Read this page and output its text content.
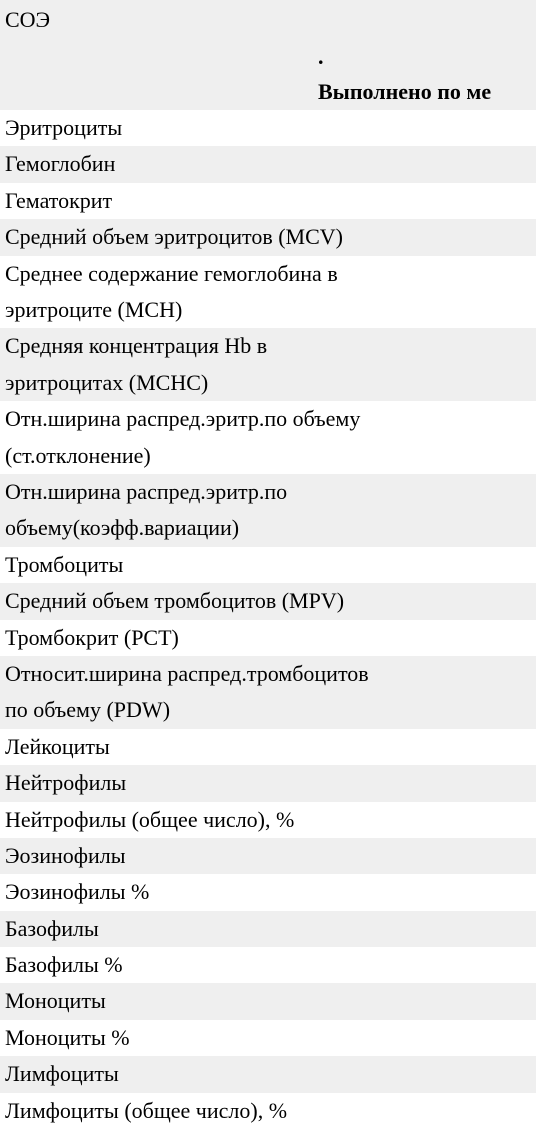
СОЭ
.
Выполнено по ме
Эритроциты
Гемоглобин
Гематокрит
Средний объем эритроцитов (MCV)
Среднее содержание гемоглобина в
эритроците (MCH)
Средняя концентрация Hb в
эритроцитах (MCHC)
Отн.ширина распред.эритр.по объему
(ст.отклонение)
Отн.ширина распред.эритр.по
объему(коэфф.вариации)
Тромбоциты
Средний объем тромбоцитов (MPV)
Тромбокрит (PCT)
Относит.ширина распред.тромбоцитов
по объему (PDW)
Лейкоциты
Нейтрофилы
Нейтрофилы (общее число), %
Эозинофилы
Эозинофилы %
Базофилы
Базофилы %
Моноциты
Моноциты %
Лимфоциты
Лимфоциты (общее число), %
